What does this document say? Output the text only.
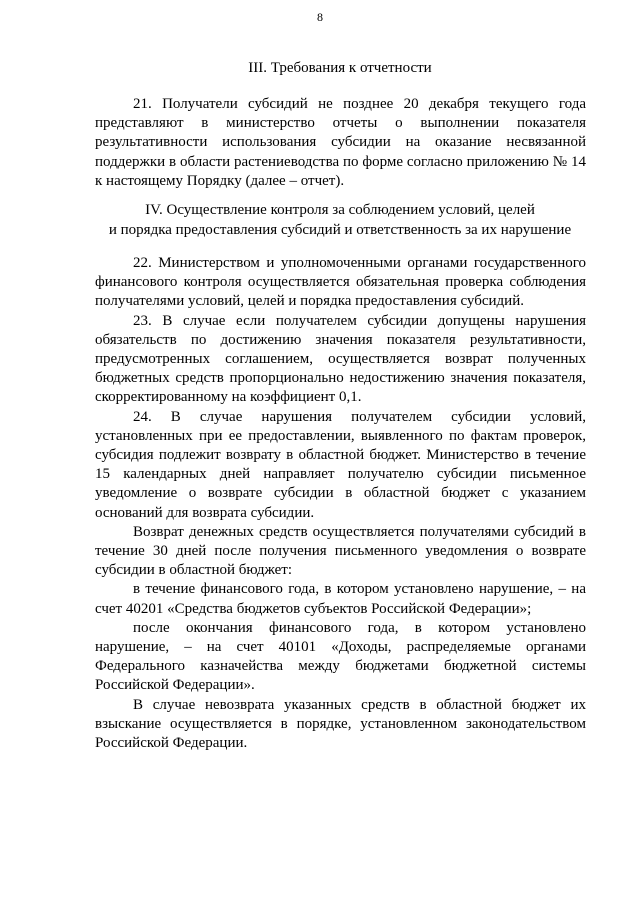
8
III. Требования к отчетности

21. Получатели субсидий не позднее 20 декабря текущего года представляют в министерство отчеты о выполнении показателя результативности использования субсидии на оказание несвязанной поддержки в области растениеводства по форме согласно приложению № 14 к настоящему Порядку (далее – отчет).

IV. Осуществление контроля за соблюдением условий, целей
и порядка предоставления субсидий и ответственность за их нарушение

22. Министерством и уполномоченными органами государственного финансового контроля осуществляется обязательная проверка соблюдения получателями условий, целей и порядка предоставления субсидий.

23. В случае если получателем субсидии допущены нарушения обязательств по достижению значения показателя результативности, предусмотренных соглашением, осуществляется возврат полученных бюджетных средств пропорционально недостижению значения показателя, скорректированному на коэффициент 0,1.

24. В случае нарушения получателем субсидии условий, установленных при ее предоставлении, выявленного по фактам проверок, субсидия подлежит возврату в областной бюджет. Министерство в течение 15 календарных дней направляет получателю субсидии письменное уведомление о возврате субсидии в областной бюджет с указанием оснований для возврата субсидии.

Возврат денежных средств осуществляется получателями субсидий в течение 30 дней после получения письменного уведомления о возврате субсидии в областной бюджет:

в течение финансового года, в котором установлено нарушение, – на счет 40201 «Средства бюджетов субъектов Российской Федерации»;

после окончания финансового года, в котором установлено нарушение, – на счет 40101 «Доходы, распределяемые органами Федерального казначейства между бюджетами бюджетной системы Российской Федерации».

В случае невозврата указанных средств в областной бюджет их взыскание осуществляется в порядке, установленном законодательством Российской Федерации.
